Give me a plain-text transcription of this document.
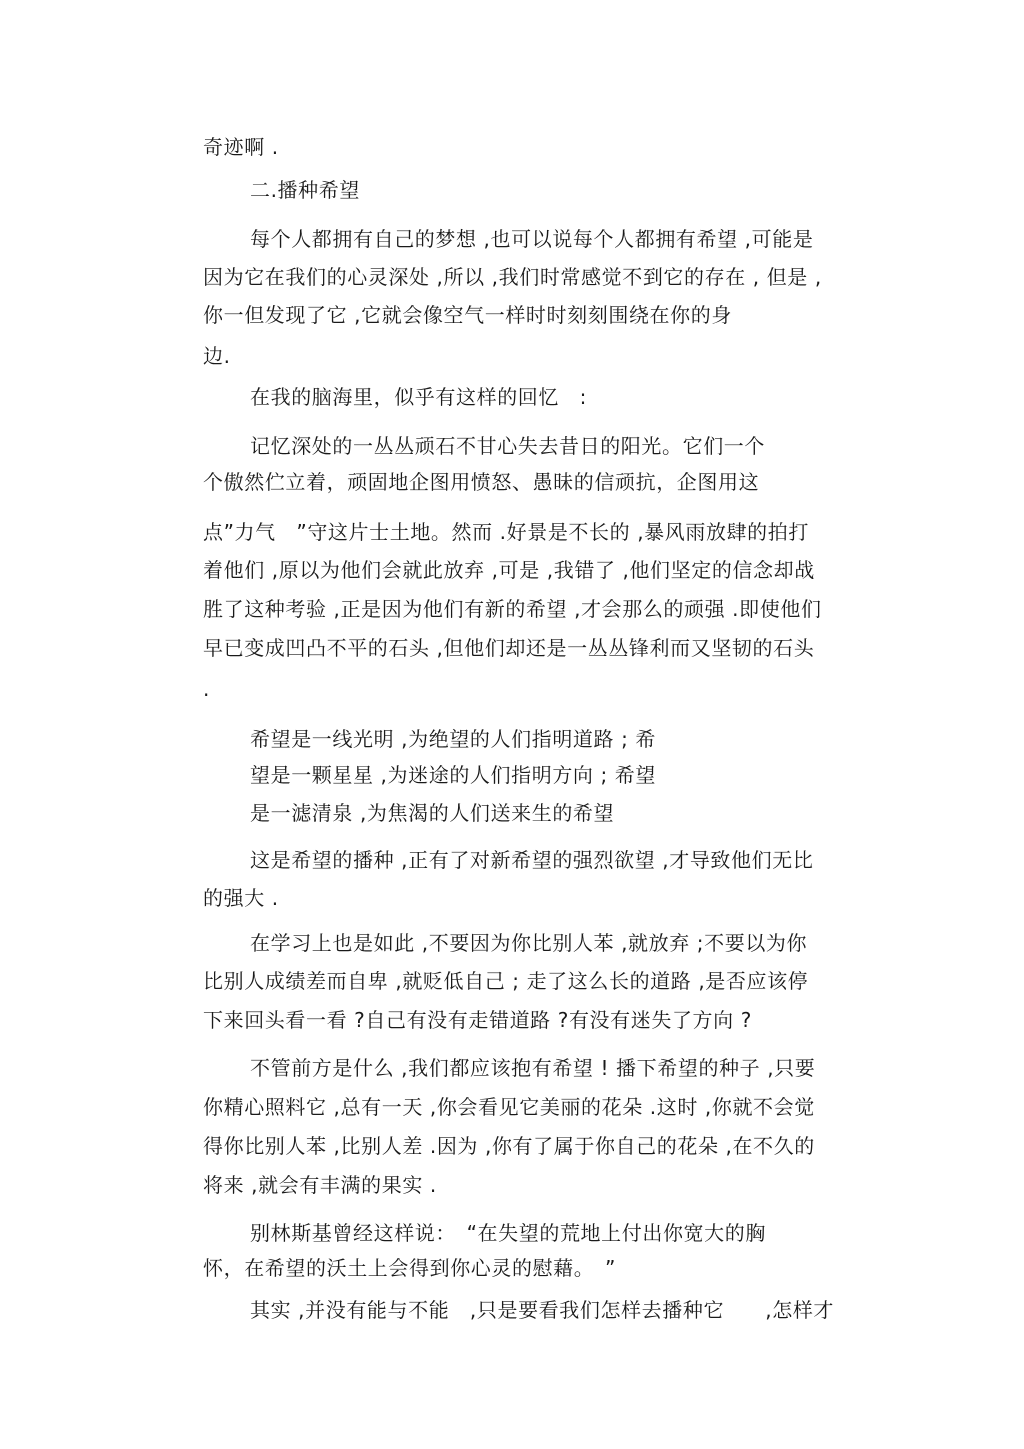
奇迹啊 .

二.播种希望

每个人都拥有自己的梦想 ,也可以说每个人都拥有希望 ,可能是

因为它在我们的心灵深处 ,所以 ,我们时常感觉不到它的存在 , 但是 ,

你一但发现了它 ,它就会像空气一样时时刻刻围绕在你的身

边.

在我的脑海里，似乎有这样的回忆　:

记忆深处的一丛丛顽石不甘心失去昔日的阳光。它们一个

个傲然伫立着，顽固地企图用愤怒、愚昧的信顽抗，企图用这

点”力气　”守这片士土地。然而 .好景是不长的 ,暴风雨放肆的拍打

着他们 ,原以为他们会就此放弃 ,可是 ,我错了 ,他们坚定的信念却战

胜了这种考验 ,正是因为他们有新的希望 ,才会那么的顽强 .即使他们

早已变成凹凸不平的石头 ,但他们却还是一丛丛锋利而又坚韧的石头

.

希望是一线光明 ,为绝望的人们指明道路 ; 希

望是一颗星星 ,为迷途的人们指明方向 ; 希望

是一滤清泉 ,为焦渴的人们送来生的希望

这是希望的播种 ,正有了对新希望的强烈欲望 ,才导致他们无比

的强大 .

在学习上也是如此 ,不要因为你比别人苯 ,就放弃 ;不要以为你

比别人成绩差而自卑 ,就贬低自己 ; 走了这么长的道路 ,是否应该停

下来回头看一看 ?自己有没有走错道路 ?有没有迷失了方向 ?

不管前方是什么 ,我们都应该抱有希望 ! 播下希望的种子 ,只要

你精心照料它 ,总有一天 ,你会看见它美丽的花朵 .这时 ,你就不会觉

得你比别人苯 ,比别人差 .因为 ,你有了属于你自己的花朵 ,在不久的

将来 ,就会有丰满的果实 .

别林斯基曾经这样说：　“在失望的荒地上付出你宽大的胸

怀，在希望的沃土上会得到你心灵的慰藉。　”

其实 ,并没有能与不能　,只是要看我们怎样去播种它　　,怎样才
